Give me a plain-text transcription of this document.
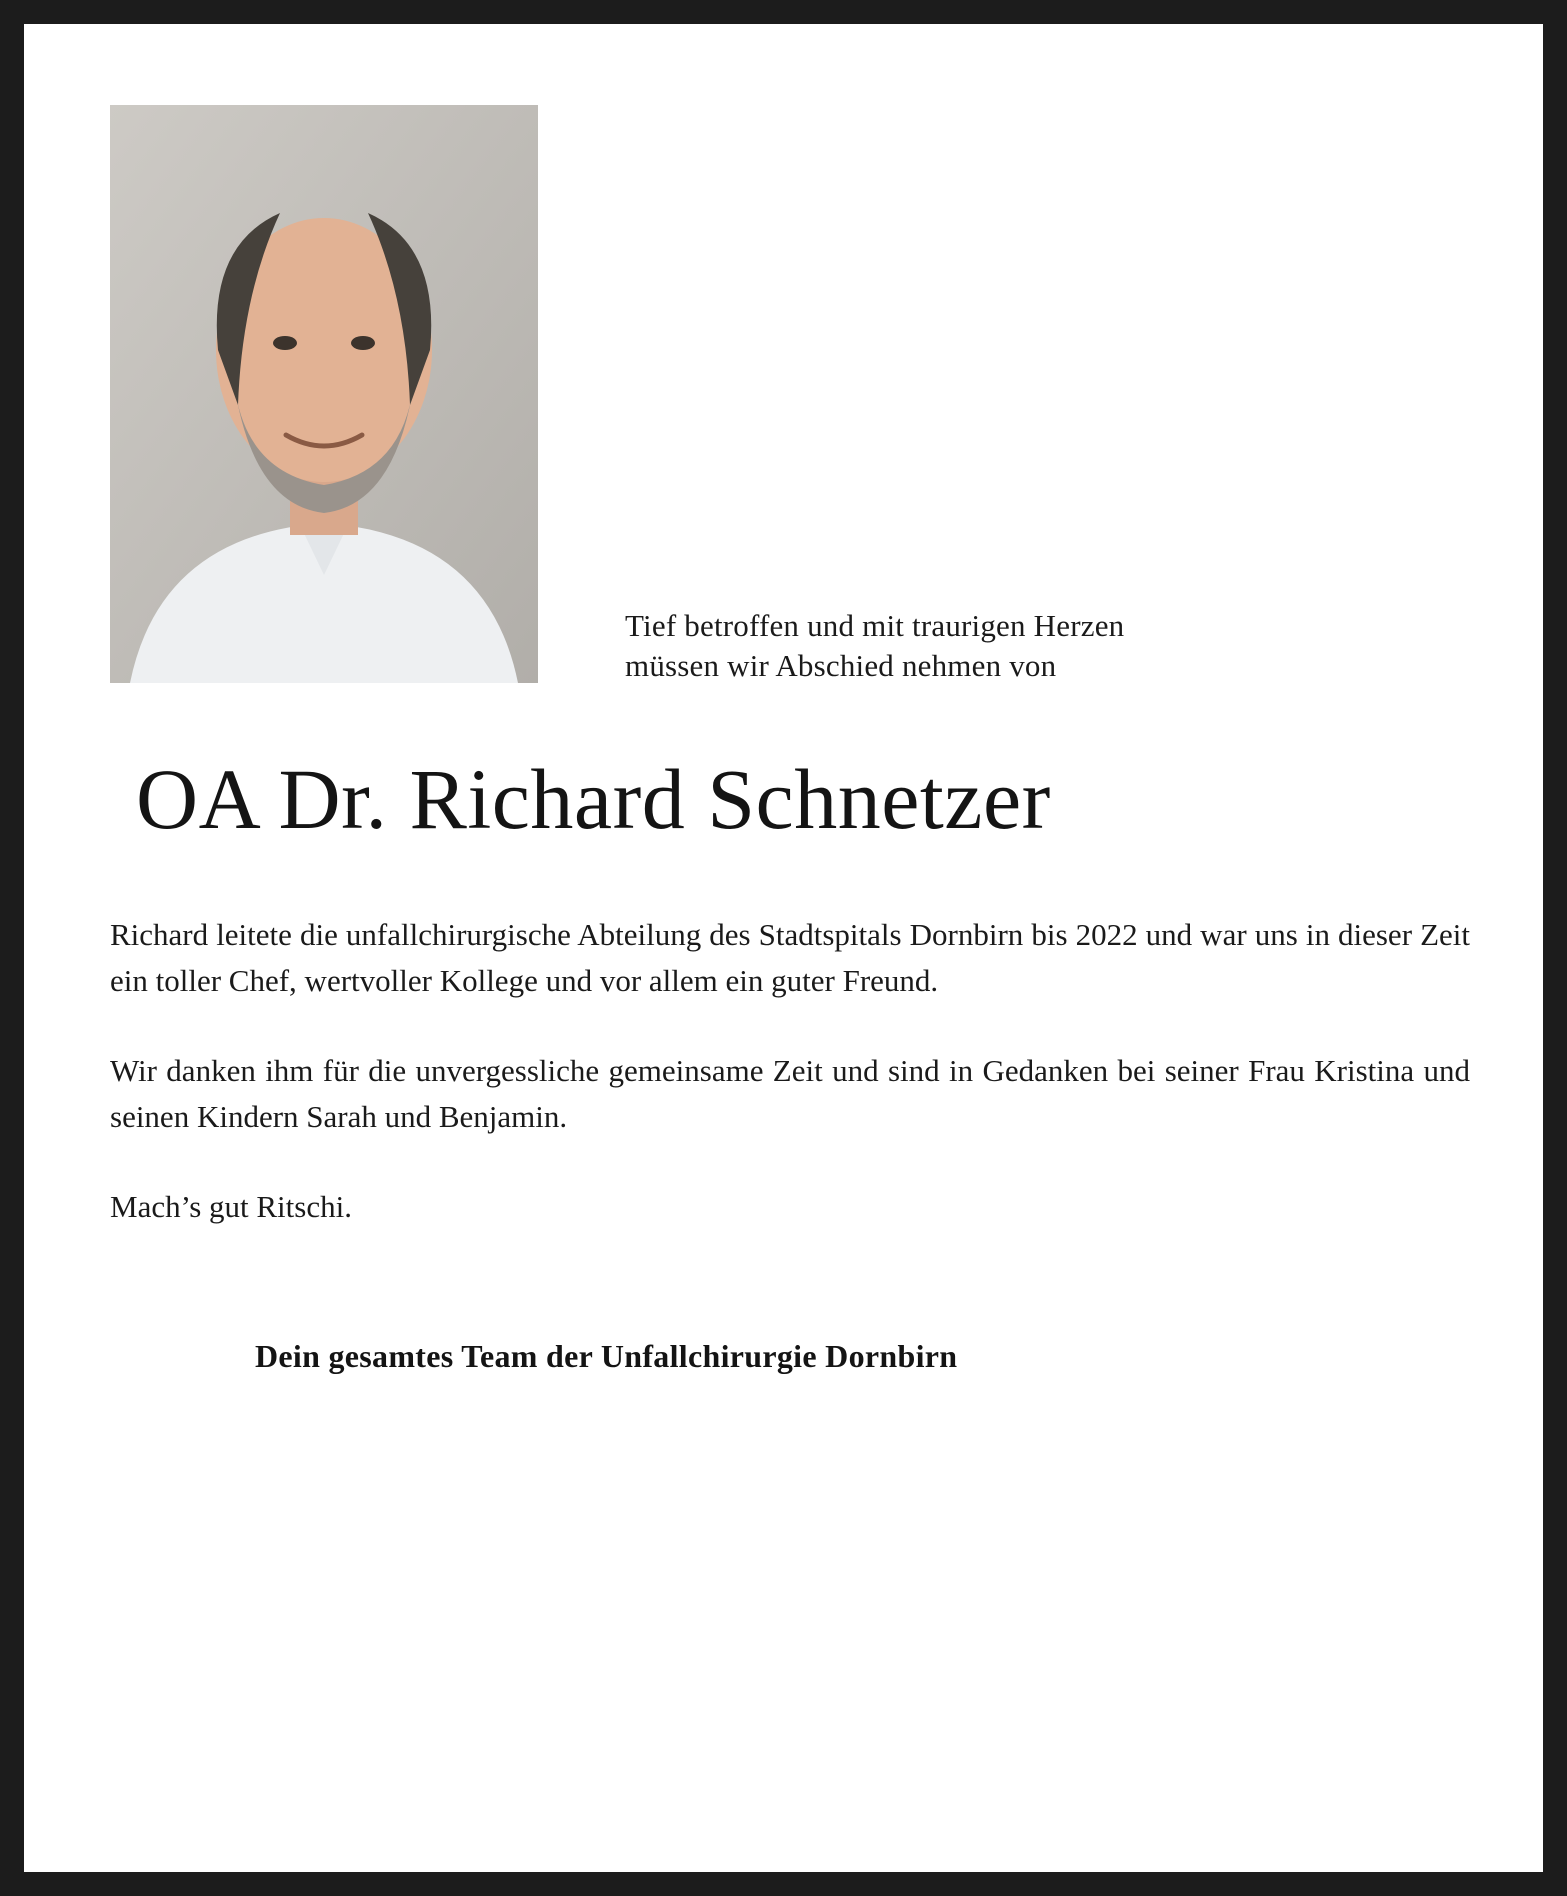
Tief betroffen und mit traurigen Herzen
müssen wir Abschied nehmen von
OA Dr. Richard Schnetzer

Richard leitete die unfallchirurgische Abteilung des Stadtspitals Dornbirn bis 2022 und war uns in dieser Zeit ein toller Chef, wertvoller Kollege und vor allem ein guter Freund.

Wir danken ihm für die unvergessliche gemeinsame Zeit und sind in Gedanken bei seiner Frau Kristina und seinen Kindern Sarah und Benjamin.

Mach’s gut Ritschi.

Dein gesamtes Team der Unfallchirurgie Dornbirn
